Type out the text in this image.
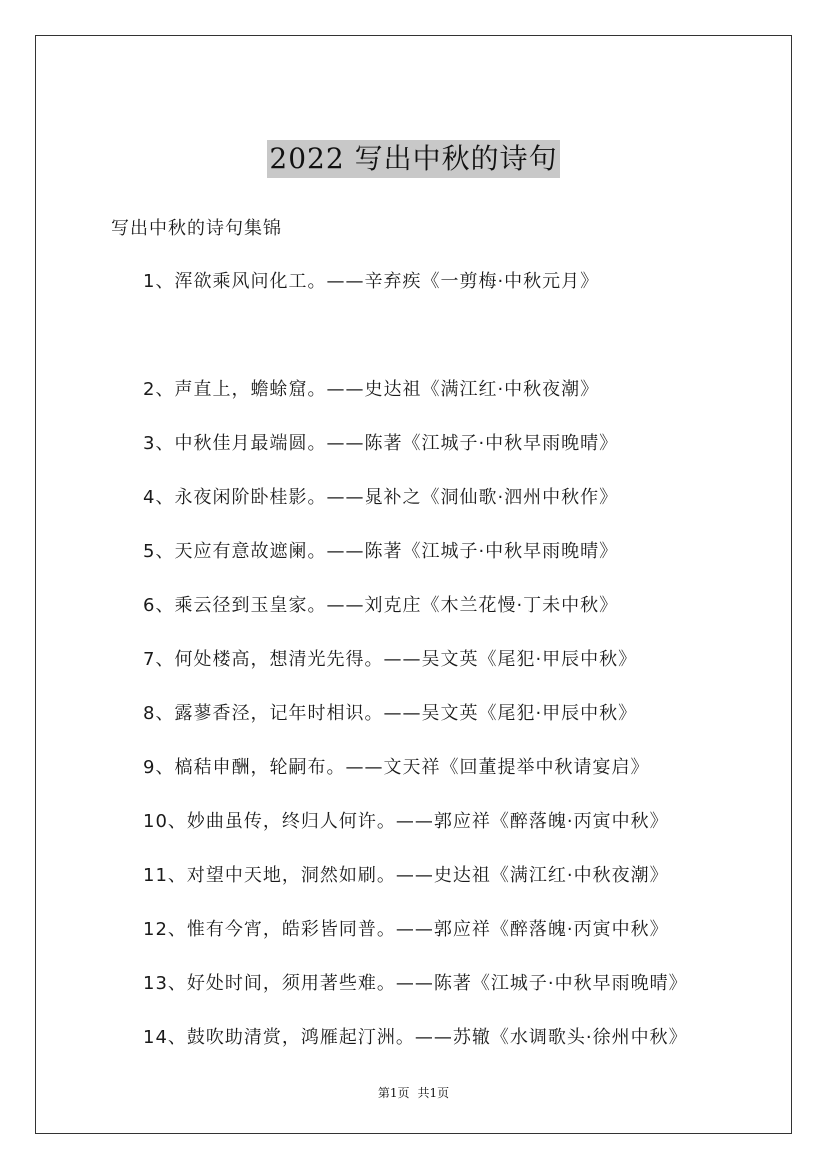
2022 写出中秋的诗句
写出中秋的诗句集锦
1、浑欲乘风问化工。——辛弃疾《一剪梅·中秋元月》
2、声直上，蟾蜍窟。——史达祖《满江红·中秋夜潮》
3、中秋佳月最端圆。——陈著《江城子·中秋早雨晚晴》
4、永夜闲阶卧桂影。——晁补之《洞仙歌·泗州中秋作》
5、天应有意故遮阑。——陈著《江城子·中秋早雨晚晴》
6、乘云径到玉皇家。——刘克庄《木兰花慢·丁未中秋》
7、何处楼高，想清光先得。——吴文英《尾犯·甲辰中秋》
8、露蓼香泾，记年时相识。——吴文英《尾犯·甲辰中秋》
9、槁秸申酬，轮嗣布。——文天祥《回董提举中秋请宴启》
10、妙曲虽传，终归人何许。——郭应祥《醉落魄·丙寅中秋》
11、对望中天地，洞然如刷。——史达祖《满江红·中秋夜潮》
12、惟有今宵，皓彩皆同普。——郭应祥《醉落魄·丙寅中秋》
13、好处时间，须用著些难。——陈著《江城子·中秋早雨晚晴》
14、鼓吹助清赏，鸿雁起汀洲。——苏辙《水调歌头·徐州中秋》
第1页 共1页
